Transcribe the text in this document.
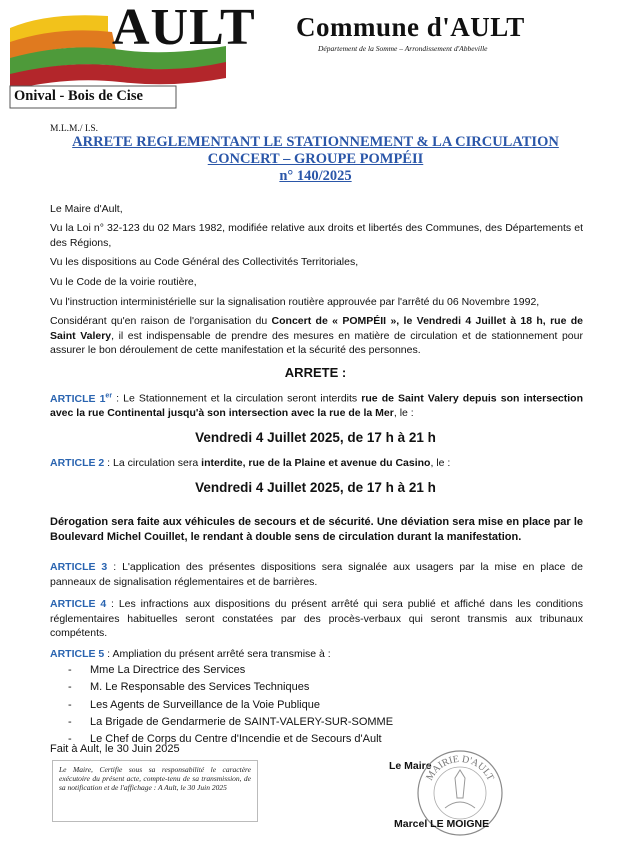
AULT
Onival - Bois de Cise
Commune d'AULT
Département de la Somme – Arrondissement d'Abbeville
M.L.M./ I.S.
ARRETE REGLEMENTANT LE STATIONNEMENT & LA CIRCULATION
CONCERT – GROUPE POMPÉII
n° 140/2025
Le Maire d'Ault,
Vu la Loi n° 32-123 du 02 Mars 1982, modifiée relative aux droits et libertés des Communes, des Départements et des Régions,
Vu les dispositions au Code Général des Collectivités Territoriales,
Vu le Code de la voirie routière,
Vu l'instruction interministérielle sur la signalisation routière approuvée par l'arrêté du 06 Novembre 1992,
Considérant qu'en raison de l'organisation du Concert de « POMPÉII », le Vendredi 4 Juillet à 18 h, rue de Saint Valery, il est indispensable de prendre des mesures en matière de circulation et de stationnement pour assurer le bon déroulement de cette manifestation et la sécurité des personnes.
ARRETE :
ARTICLE 1er : Le Stationnement et la circulation seront interdits rue de Saint Valery depuis son intersection avec la rue Continental jusqu'à son intersection avec la rue de la Mer, le :
Vendredi 4 Juillet 2025, de 17 h à 21 h
ARTICLE 2 : La circulation sera interdite, rue de la Plaine et avenue du Casino, le :
Vendredi 4 Juillet 2025, de 17 h à 21 h
Dérogation sera faite aux véhicules de secours et de sécurité. Une déviation sera mise en place par le Boulevard Michel Couillet, le rendant à double sens de circulation durant la manifestation.
ARTICLE 3 : L'application des présentes dispositions sera signalée aux usagers par la mise en place de panneaux de signalisation réglementaires et de barrières.
ARTICLE 4 : Les infractions aux dispositions du présent arrêté qui sera publié et affiché dans les conditions réglementaires habituelles seront constatées par des procès-verbaux qui seront transmis aux tribunaux compétents.
ARTICLE 5 : Ampliation du présent arrêté sera transmise à :
-	Mme La Directrice des Services
-	M. Le Responsable des Services Techniques
-	Les Agents de Surveillance de la Voie Publique
-	La Brigade de Gendarmerie de SAINT-VALERY-SUR-SOMME
-	Le Chef de Corps du Centre d'Incendie et de Secours d'Ault
Fait à Ault, le 30 Juin 2025
Le Maire, Certifie sous sa responsabilité le caractère exécutoire du présent acte, compte-tenu de sa transmission, de sa notification et de l'affichage : A Ault, le 30 Juin 2025
Le Maire
MAIRIE D'AULT
Marcel LE MOIGNE
